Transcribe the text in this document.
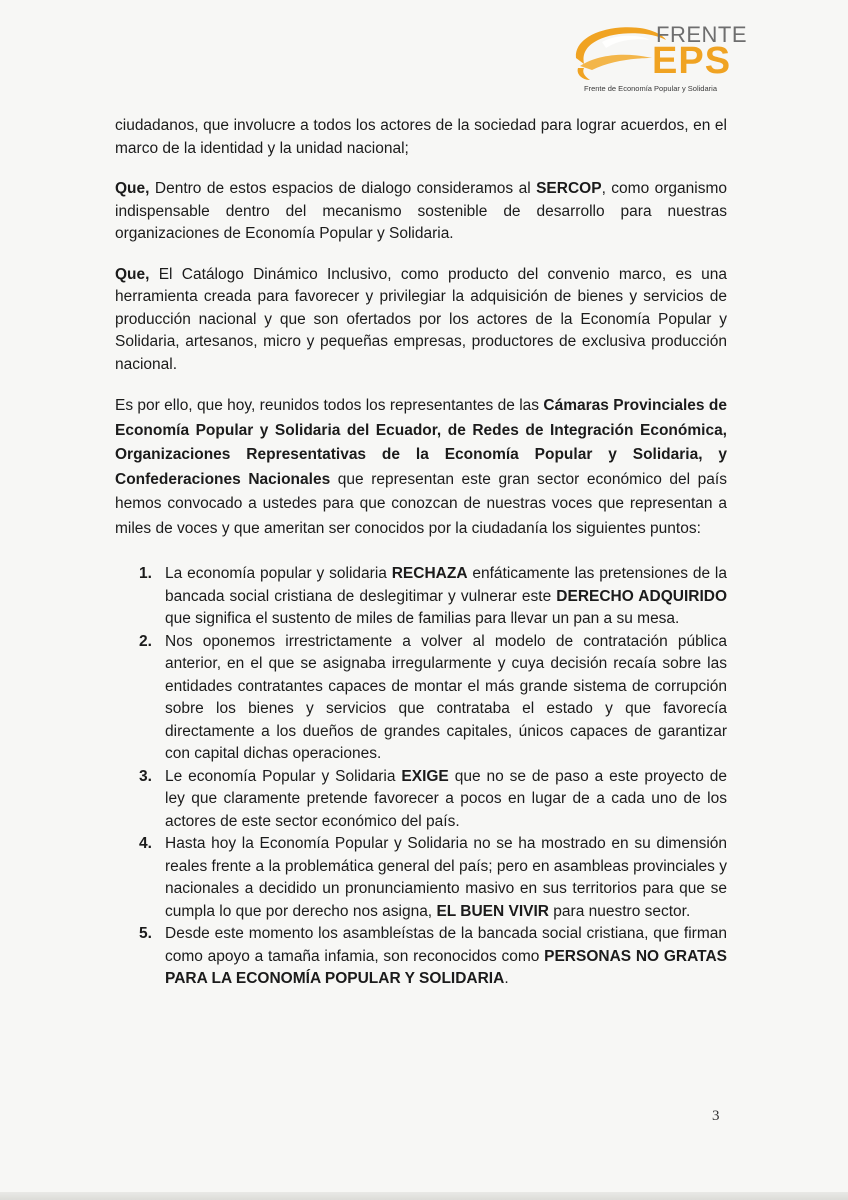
FRENTE
EPS
Frente de Economía Popular y Solidaria

ciudadanos, que involucre a todos los actores de la sociedad para lograr acuerdos, en el marco de la identidad y la unidad nacional;

Que, Dentro de estos espacios de dialogo consideramos al SERCOP, como organismo indispensable dentro del mecanismo sostenible de desarrollo para nuestras organizaciones de Economía Popular y Solidaria.

Que, El Catálogo Dinámico Inclusivo, como producto del convenio marco, es una herramienta creada para favorecer y privilegiar la adquisición de bienes y servicios de producción nacional y que son ofertados por los actores de la Economía Popular y Solidaria, artesanos, micro y pequeñas empresas, productores de exclusiva producción nacional.

Es por ello, que hoy, reunidos todos los representantes de las Cámaras Provinciales de Economía Popular y Solidaria del Ecuador, de Redes de Integración Económica, Organizaciones Representativas de la Economía Popular y Solidaria, y Confederaciones Nacionales que representan este gran sector económico del país hemos convocado a ustedes para que conozcan de nuestras voces que representan a miles de voces y que ameritan ser conocidos por la ciudadanía los siguientes puntos:

1. La economía popular y solidaria RECHAZA enfáticamente las pretensiones de la bancada social cristiana de deslegitimar y vulnerar este DERECHO ADQUIRIDO que significa el sustento de miles de familias para llevar un pan a su mesa.
2. Nos oponemos irrestrictamente a volver al modelo de contratación pública anterior, en el que se asignaba irregularmente y cuya decisión recaía sobre las entidades contratantes capaces de montar el más grande sistema de corrupción sobre los bienes y servicios que contrataba el estado y que favorecía directamente a los dueños de grandes capitales, únicos capaces de garantizar con capital dichas operaciones.
3. Le economía Popular y Solidaria EXIGE que no se de paso a este proyecto de ley que claramente pretende favorecer a pocos en lugar de a cada uno de los actores de este sector económico del país.
4. Hasta hoy la Economía Popular y Solidaria no se ha mostrado en su dimensión reales frente a la problemática general del país; pero en asambleas provinciales y nacionales a decidido un pronunciamiento masivo en sus territorios para que se cumpla lo que por derecho nos asigna, EL BUEN VIVIR para nuestro sector.
5. Desde este momento los asambleístas de la bancada social cristiana, que firman como apoyo a tamaña infamia, son reconocidos como PERSONAS NO GRATAS PARA LA ECONOMÍA POPULAR Y SOLIDARIA.
3
